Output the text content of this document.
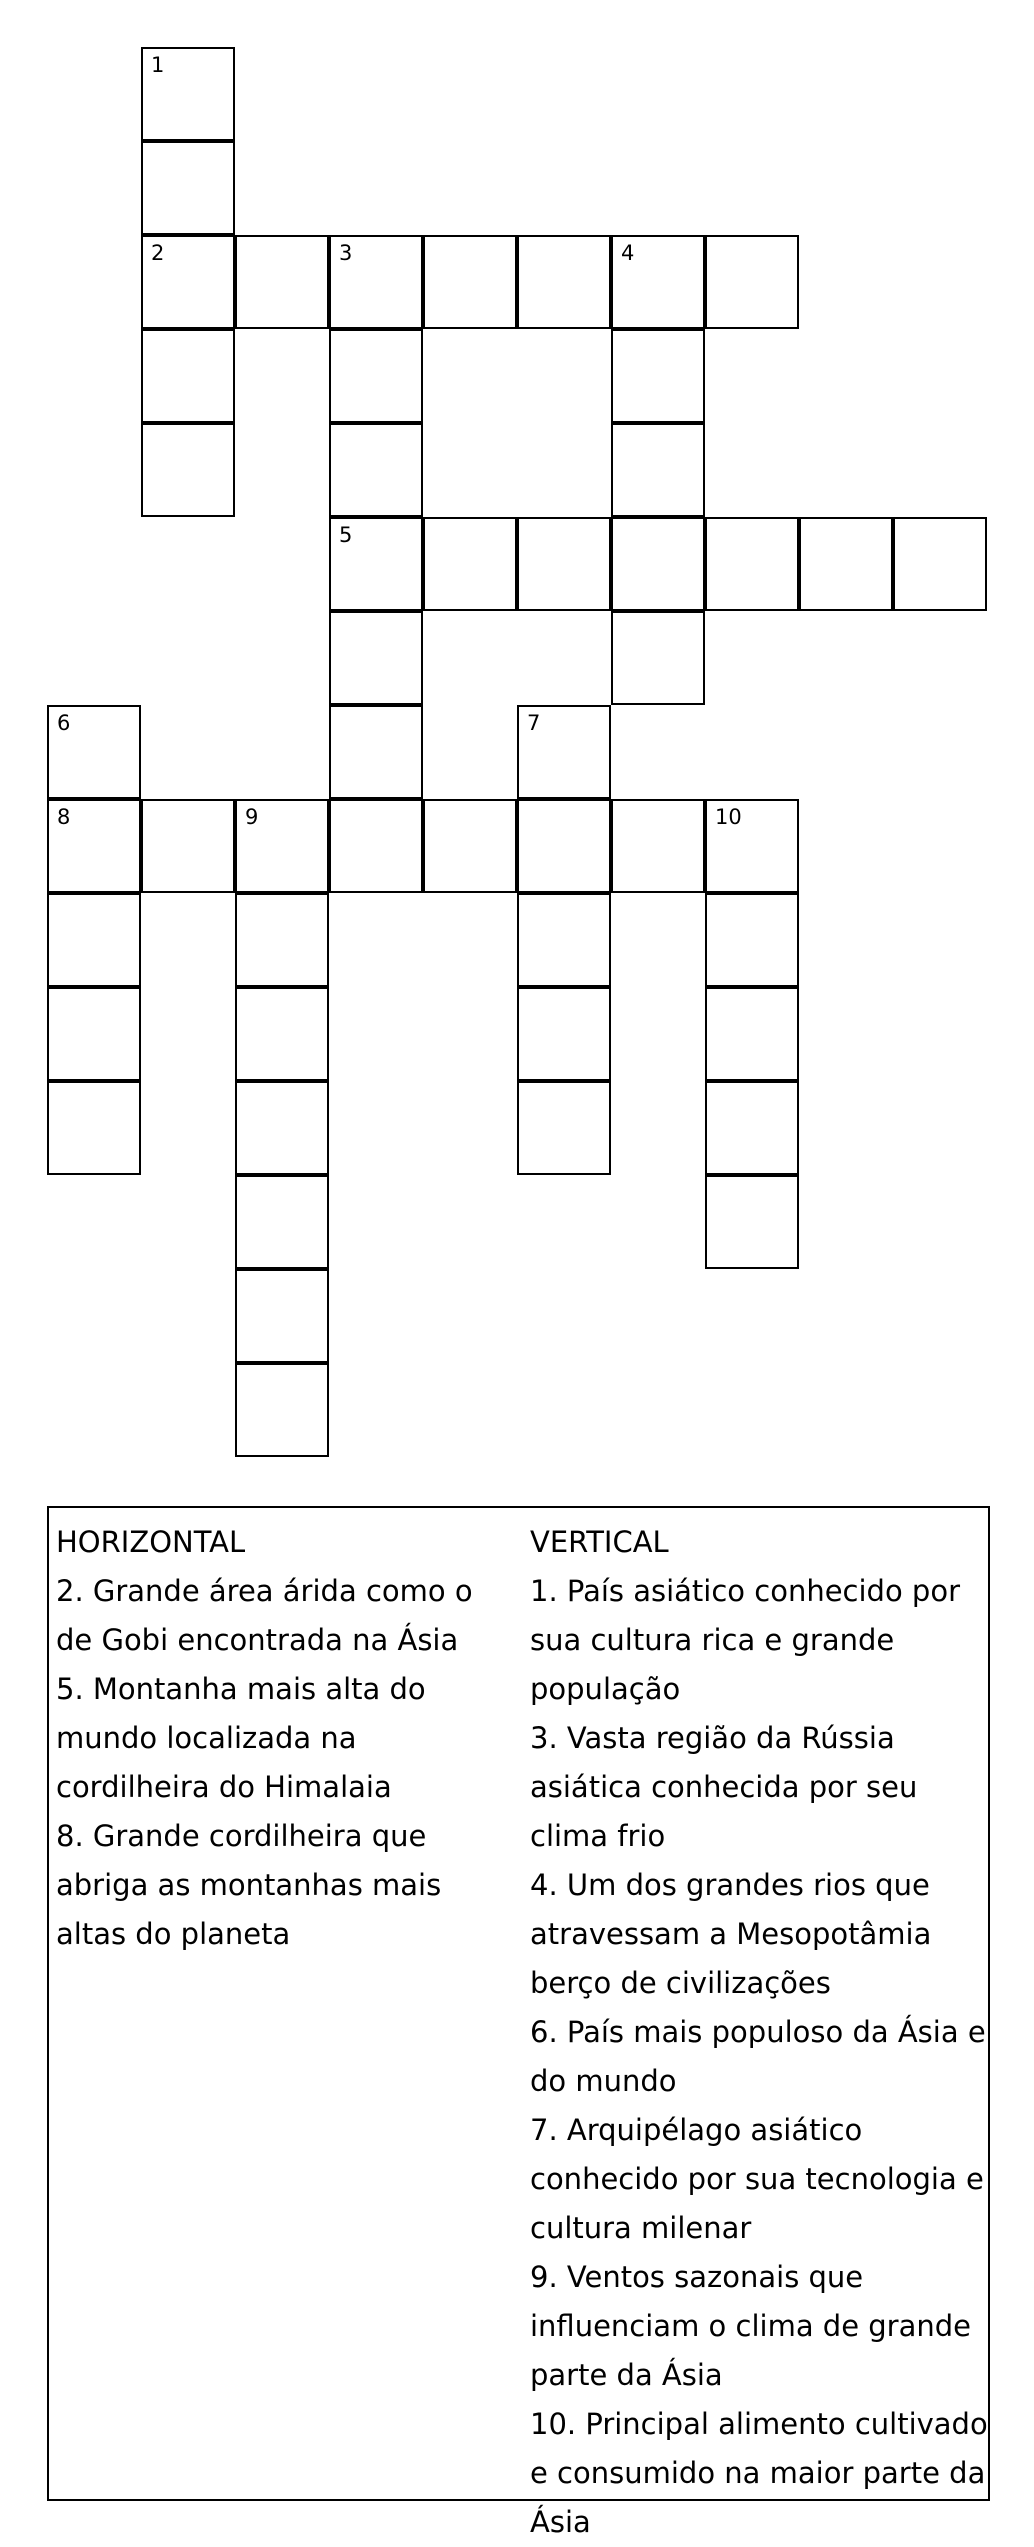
1
2	3	4
5
6	7
8	9	10

HORIZONTAL

2. Grande área árida como o de Gobi encontrada na Ásia

5. Montanha mais alta do mundo localizada na cordilheira do Himalaia

8. Grande cordilheira que abriga as montanhas mais altas do planeta

VERTICAL

1. País asiático conhecido por sua cultura rica e grande população

3. Vasta região da Rússia asiática conhecida por seu clima frio

4. Um dos grandes rios que atravessam a Mesopotâmia berço de civilizações

6. País mais populoso da Ásia e do mundo

7. Arquipélago asiático conhecido por sua tecnologia e cultura milenar

9. Ventos sazonais que influenciam o clima de grande parte da Ásia

10. Principal alimento cultivado e consumido na maior parte da Ásia
